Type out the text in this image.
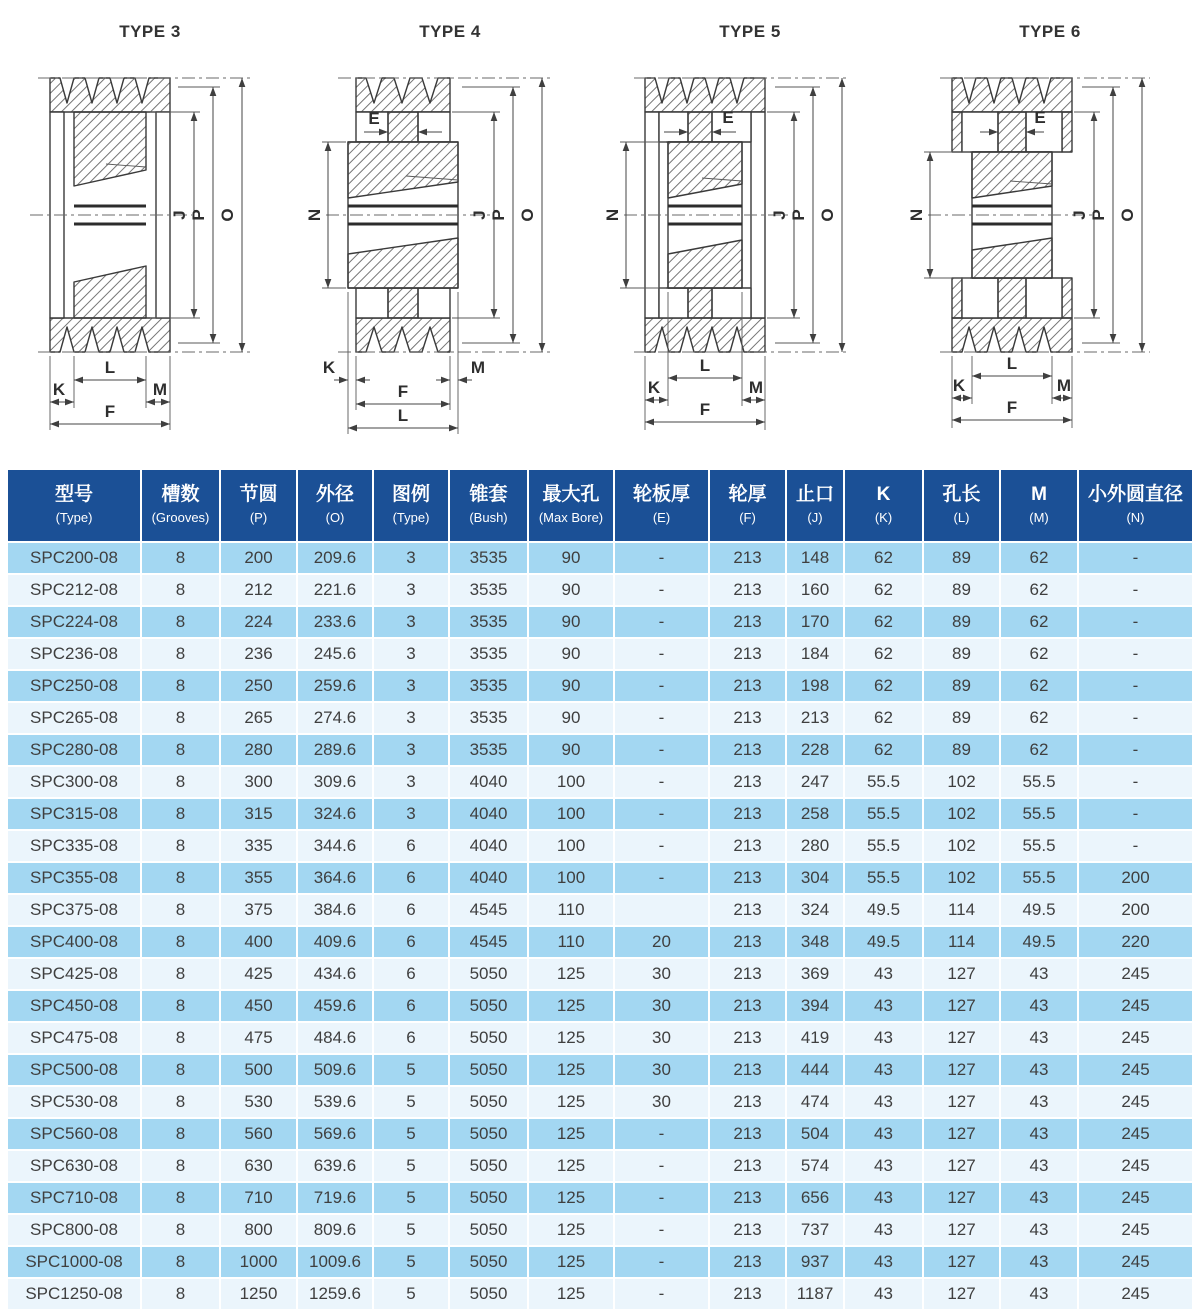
TYPE 3
J P O
L
K	M
F
TYPE 4
E
N	J P O
K	M
F
L
TYPE 5
E
N	J P O
L
K	M
F
TYPE 6
E
N	J P O
L
K	M
F
型号
(Type)

槽数
(Grooves)

节圆
(P)

外径
(O)

图例
(Type)

锥套
(Bush)

最大孔
(Max Bore)

轮板厚
(E)

轮厚
(F)

止口
(J)

K
(K)

孔长
(L)

M
(M)

小外圆直径
(N)

SPC200-08	8	200	209.6	3	3535	90	-	213	148	62	89	62	-
SPC212-08	8	212	221.6	3	3535	90	-	213	160	62	89	62	-
SPC224-08	8	224	233.6	3	3535	90	-	213	170	62	89	62	-
SPC236-08	8	236	245.6	3	3535	90	-	213	184	62	89	62	-
SPC250-08	8	250	259.6	3	3535	90	-	213	198	62	89	62	-
SPC265-08	8	265	274.6	3	3535	90	-	213	213	62	89	62	-
SPC280-08	8	280	289.6	3	3535	90	-	213	228	62	89	62	-
SPC300-08	8	300	309.6	3	4040	100	-	213	247	55.5	102	55.5	-
SPC315-08	8	315	324.6	3	4040	100	-	213	258	55.5	102	55.5	-
SPC335-08	8	335	344.6	6	4040	100	-	213	280	55.5	102	55.5	-
SPC355-08	8	355	364.6	6	4040	100	-	213	304	55.5	102	55.5	200
SPC375-08	8	375	384.6	6	4545	110		213	324	49.5	114	49.5	200
SPC400-08	8	400	409.6	6	4545	110	20	213	348	49.5	114	49.5	220
SPC425-08	8	425	434.6	6	5050	125	30	213	369	43	127	43	245
SPC450-08	8	450	459.6	6	5050	125	30	213	394	43	127	43	245
SPC475-08	8	475	484.6	6	5050	125	30	213	419	43	127	43	245
SPC500-08	8	500	509.6	5	5050	125	30	213	444	43	127	43	245
SPC530-08	8	530	539.6	5	5050	125	30	213	474	43	127	43	245
SPC560-08	8	560	569.6	5	5050	125	-	213	504	43	127	43	245
SPC630-08	8	630	639.6	5	5050	125	-	213	574	43	127	43	245
SPC710-08	8	710	719.6	5	5050	125	-	213	656	43	127	43	245
SPC800-08	8	800	809.6	5	5050	125	-	213	737	43	127	43	245
SPC1000-08	8	1000	1009.6	5	5050	125	-	213	937	43	127	43	245
SPC1250-08	8	1250	1259.6	5	5050	125	-	213	1187	43	127	43	245
